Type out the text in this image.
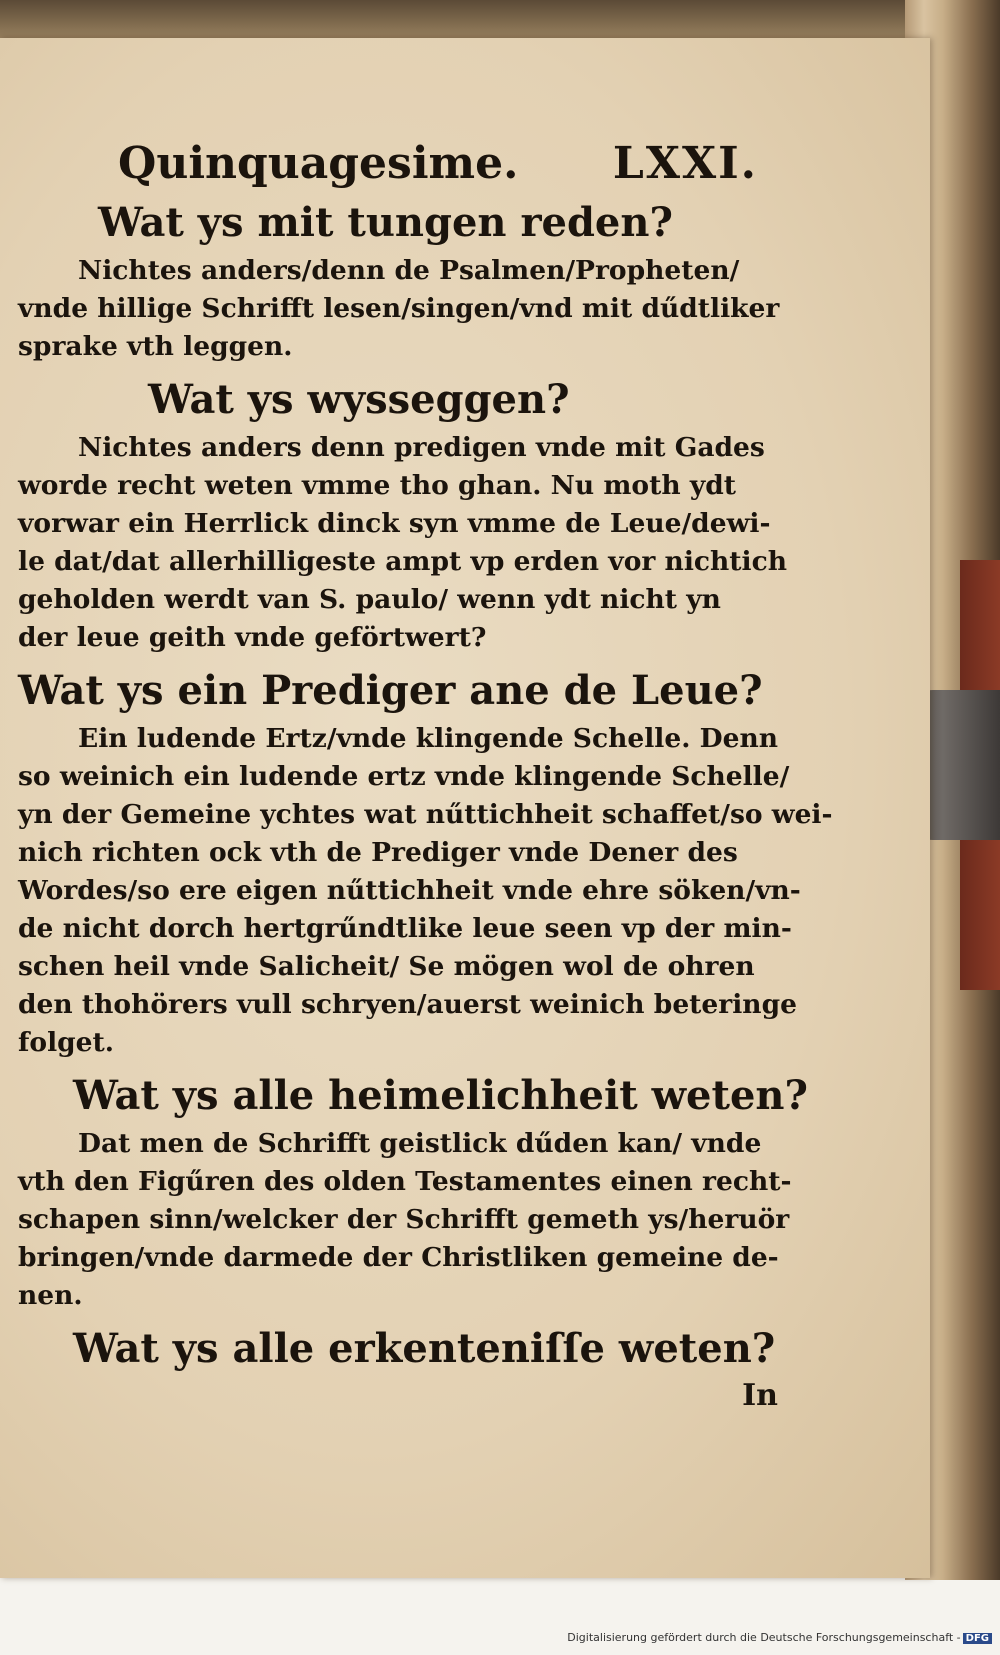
Quinquagesime. LXXI.
Wat ys mit tungen reden?
Nichtes anders/denn de Psalmen/Propheten/
vnde hillige Schrifft lesen/singen/vnd mit dűdtliker
sprake vth leggen.
Wat ys wysseggen?
Nichtes anders denn predigen vnde mit Gades
worde recht weten vmme tho ghan. Nu moth ydt
vorwar ein Herrlick dinck syn vmme de Leue/dewi-
le dat/dat allerhilligeste ampt vp erden vor nichtich
geholden werdt van S. paulo/ wenn ydt nicht yn
der leue geith vnde geförtwert?
Wat ys ein Prediger ane de Leue?
Ein ludende Ertz/vnde klingende Schelle. Denn
so weinich ein ludende ertz vnde klingende Schelle/
yn der Gemeine ychtes wat nűttichheit schaffet/so wei-
nich richten ock vth de Prediger vnde Dener des
Wordes/so ere eigen nűttichheit vnde ehre söken/vn-
de nicht dorch hertgrűndtlike leue seen vp der min-
schen heil vnde Salicheit/ Se mögen wol de ohren
den thohörers vull schryen/auerst weinich beteringe
folget.
Wat ys alle heimelichheit weten?
Dat men de Schrifft geistlick dűden kan/ vnde
vth den Figűren des olden Testamentes einen recht-
schapen sinn/welcker der Schrifft gemeth ys/heruör
bringen/vnde darmede der Christliken gemeine de-
nen.
Wat ys alle erkenteniſſe weten?
In
Digitalisierung gefördert durch die Deutsche Forschungsgemeinschaft - DFG
